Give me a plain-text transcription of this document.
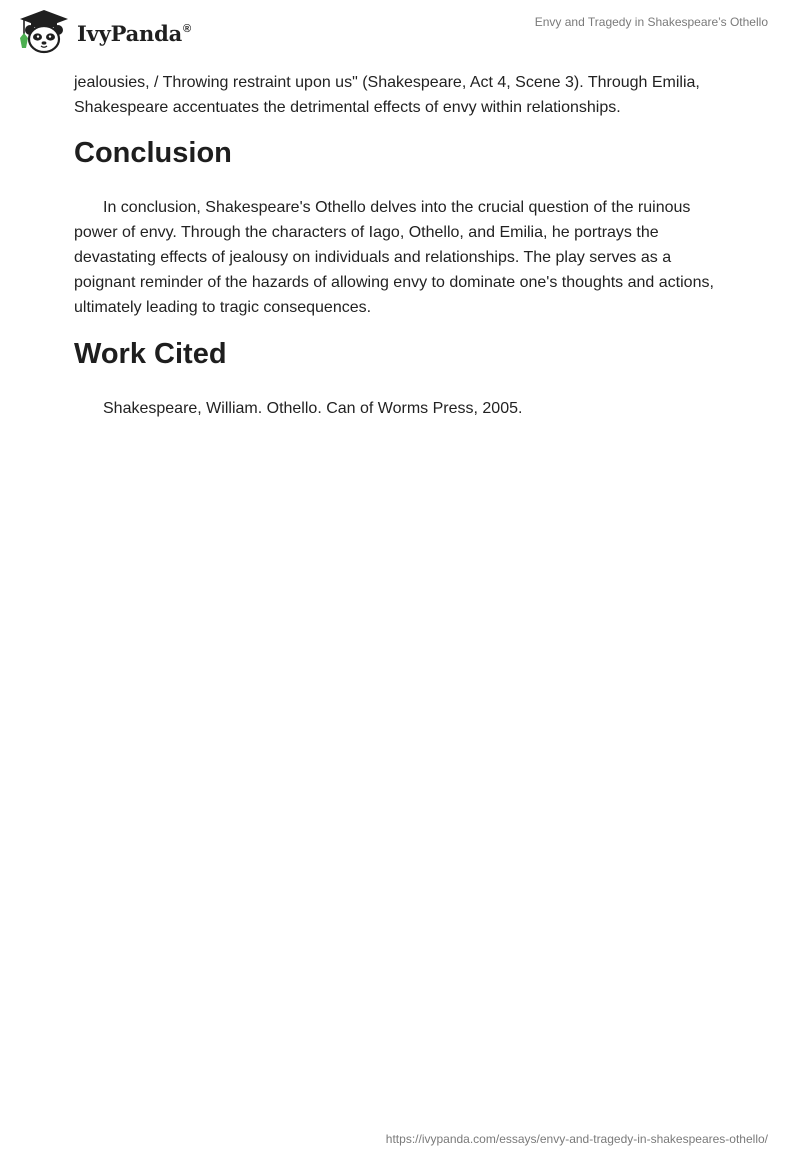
IvyPanda®	Envy and Tragedy in Shakespeare’s Othello

jealousies, / Throwing restraint upon us" (Shakespeare, Act 4, Scene 3). Through Emilia, Shakespeare accentuates the detrimental effects of envy within relationships.

Conclusion

In conclusion, Shakespeare's Othello delves into the crucial question of the ruinous power of envy. Through the characters of Iago, Othello, and Emilia, he portrays the devastating effects of jealousy on individuals and relationships. The play serves as a poignant reminder of the hazards of allowing envy to dominate one's thoughts and actions, ultimately leading to tragic consequences.

Work Cited

Shakespeare, William. Othello. Can of Worms Press, 2005.

https://ivypanda.com/essays/envy-and-tragedy-in-shakespeares-othello/
